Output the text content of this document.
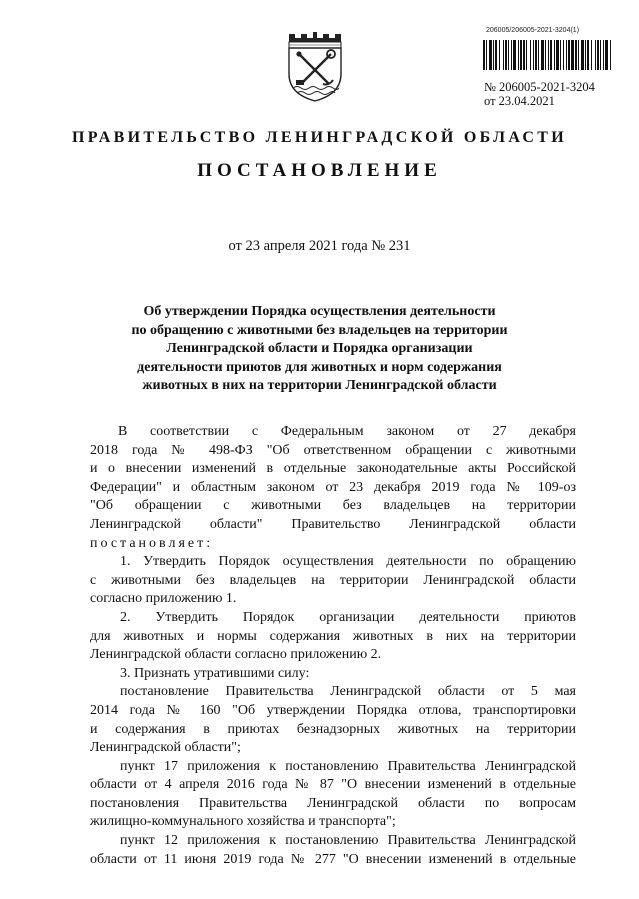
206005/206005-2021-3204(1)
№ 206005-2021-3204
от 23.04.2021
ПРАВИТЕЛЬСТВО ЛЕНИНГРАДСКОЙ ОБЛАСТИ
ПОСТАНОВЛЕНИЕ
от 23 апреля 2021 года № 231
Об утверждении Порядка осуществления деятельности
по обращению с животными без владельцев на территории
Ленинградской области и Порядка организации
деятельности приютов для животных и норм содержания
животных в них на территории Ленинградской области
В соответствии с Федеральным законом от 27 декабря
2018 года № 498-ФЗ "Об ответственном обращении с животными
и о внесении изменений в отдельные законодательные акты Российской
Федерации" и областным законом от 23 декабря 2019 года № 109-оз
"Об обращении с животными без владельцев на территории
Ленинградской области" Правительство Ленинградской области
постановляет:
1. Утвердить Порядок осуществления деятельности по обращению
с животными без владельцев на территории Ленинградской области
согласно приложению 1.
2. Утвердить Порядок организации деятельности приютов
для животных и нормы содержания животных в них на территории
Ленинградской области согласно приложению 2.
3. Признать утратившими силу:
постановление Правительства Ленинградской области от 5 мая
2014 года № 160 "Об утверждении Порядка отлова, транспортировки
и содержания в приютах безнадзорных животных на территории
Ленинградской области";
пункт 17 приложения к постановлению Правительства Ленинградской
области от 4 апреля 2016 года № 87 "О внесении изменений в отдельные
постановления Правительства Ленинградской области по вопросам
жилищно-коммунального хозяйства и транспорта";
пункт 12 приложения к постановлению Правительства Ленинградской
области от 11 июня 2019 года № 277 "О внесении изменений в отдельные
